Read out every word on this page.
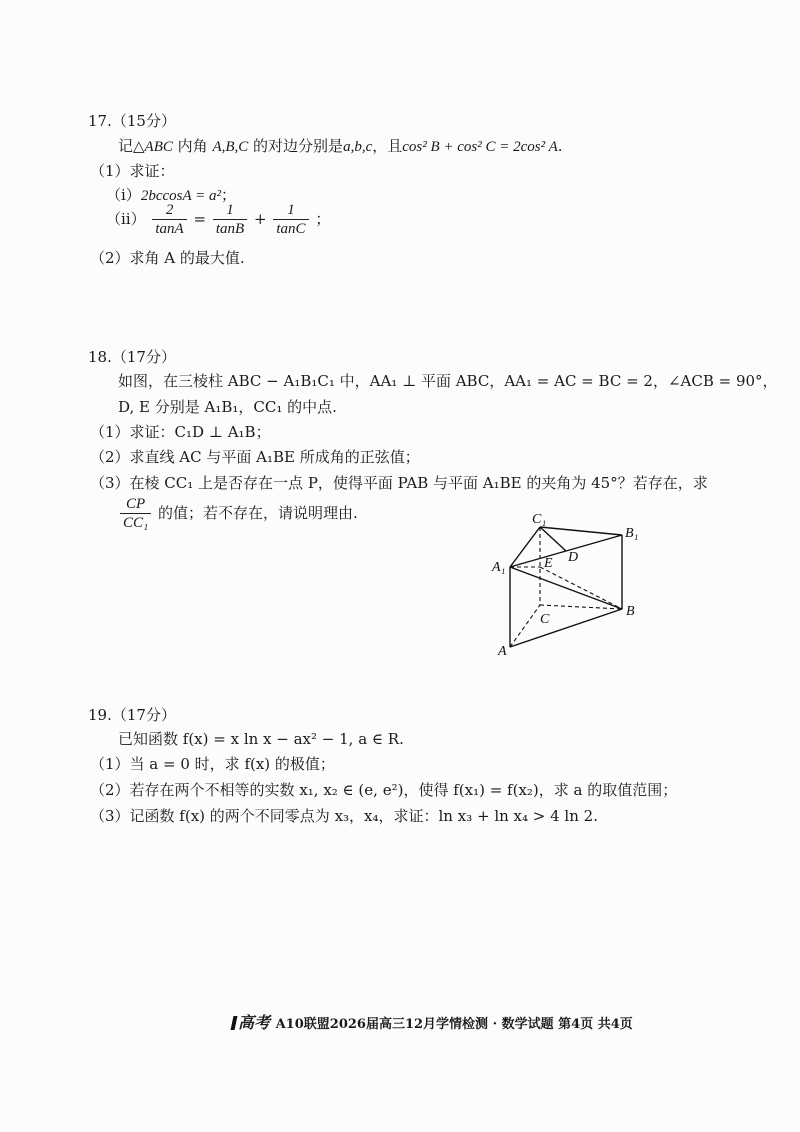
17.（15分）
记△ABC 内角 A,B,C 的对边分别是a,b,c，且cos² B + cos² C = 2cos² A.
（1）求证：
（ⅰ）2bccosA = a²；
（ⅱ） $\frac{2}{\tan A} = \frac{1}{\tan B} + \frac{1}{\tan C}$ ；
（2）求角 A 的最大值.
18.（17分）
如图，在三棱柱 ABC − A₁B₁C₁ 中，AA₁ ⊥ 平面 ABC，AA₁ = AC = BC = 2，∠ACB = 90°，
D, E 分别是 A₁B₁，CC₁ 的中点.
（1）求证：C₁D ⊥ A₁B；
（2）求直线 AC 与平面 A₁BE 所成角的正弦值；
（3）在棱 CC₁ 上是否存在一点 P，使得平面 PAB 与平面 A₁BE 的夹角为 45°？若存在，求
$\frac{CP}{\text{CC₁}}$ 的值；若不存在，请说明理由.	C₁
B₁
A₁
D
E
B
C
A
19.（17分）
已知函数 f(x) = x ln x − ax² − 1, a ∈ R.
（1）当 a = 0 时，求 f(x) 的极值；
（2）若存在两个不相等的实数 x₁, x₂ ∈ (e, e²)，使得 f(x₁) = f(x₂)，求 a 的取值范围；
（3）记函数 f(x) 的两个不同零点为 x₃，x₄，求证：ln x₃ + ln x₄ > 4 ln 2.
高考 A10联盟2026届高三12月学情检测 · 数学试题 第4页 共4页
